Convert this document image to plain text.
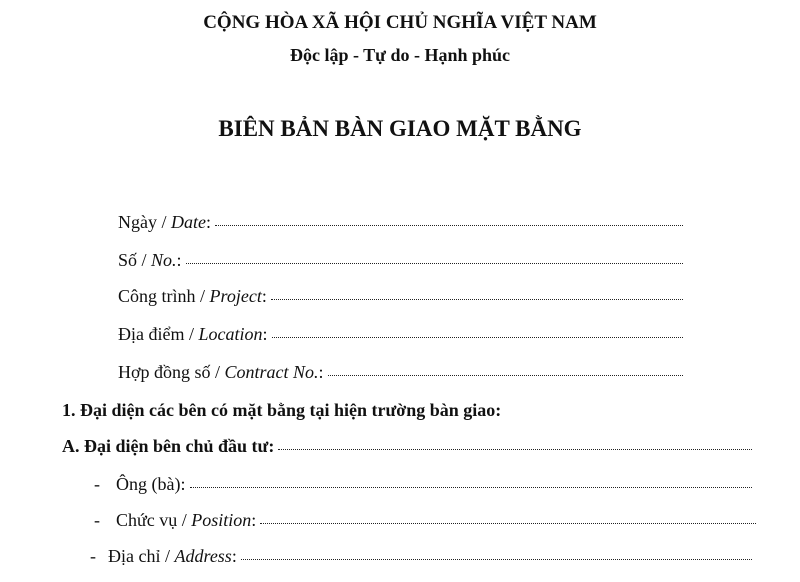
CỘNG HÒA XÃ HỘI CHỦ NGHĨA VIỆT NAM
Độc lập - Tự do - Hạnh phúc
BIÊN BẢN BÀN GIAO MẶT BẰNG
Ngày / Date:
Số / No.:
Công trình / Project:
Địa điểm / Location:
Hợp đồng số / Contract No.:
1. Đại diện các bên có mặt bằng tại hiện trường bàn giao:
A. Đại diện bên chủ đầu tư:
- Ông (bà):
- Chức vụ / Position:
- Địa chỉ / Address:
